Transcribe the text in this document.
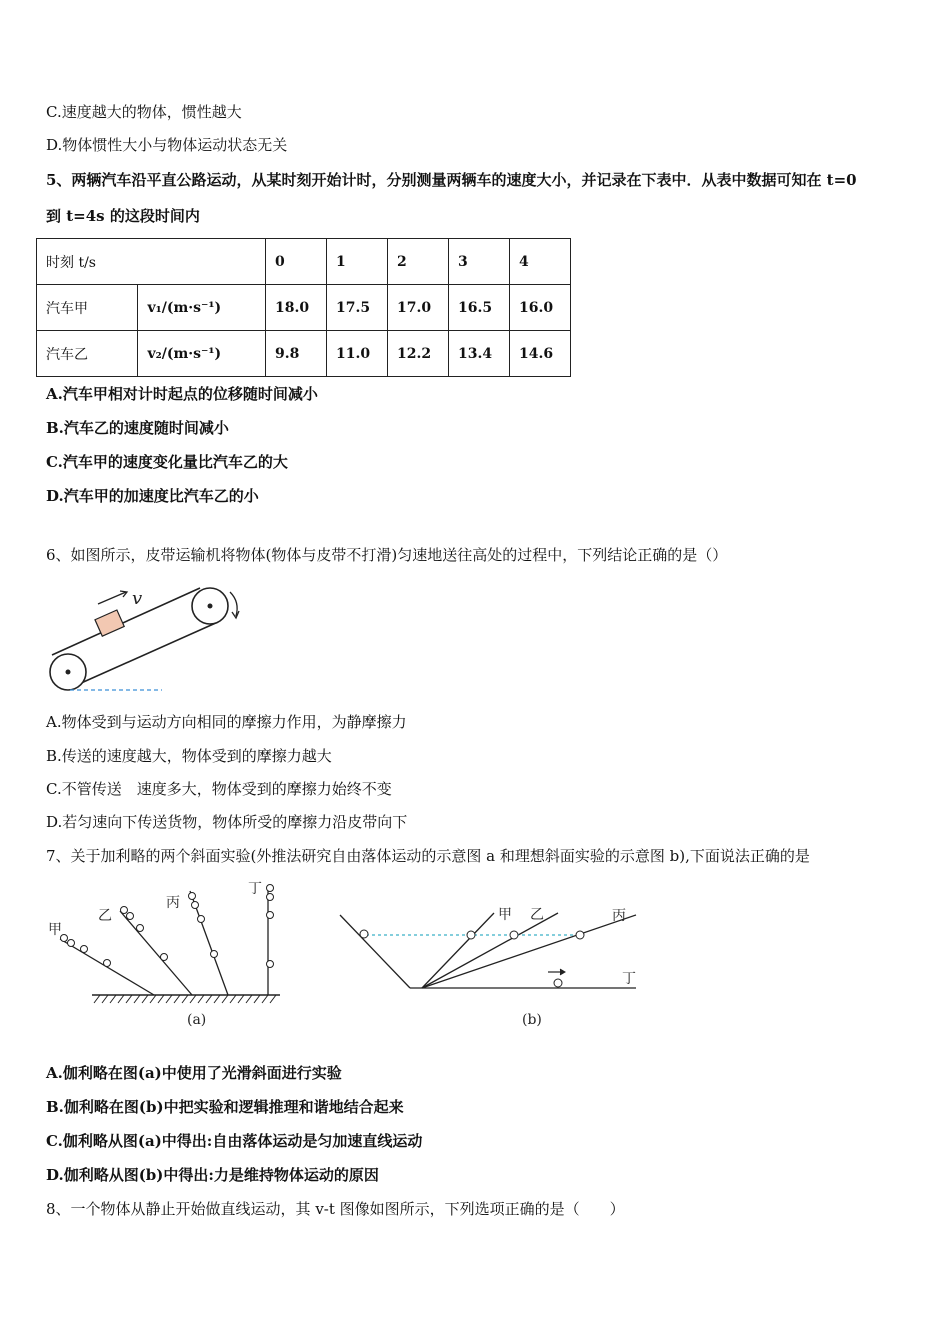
C.速度越大的物体，惯性越大
D.物体惯性大小与物体运动状态无关
5、两辆汽车沿平直公路运动，从某时刻开始计时，分别测量两辆车的速度大小，并记录在下表中．从表中数据可知在 t=0
到 t=4s 的这段时间内
时刻 t/s		0	1	2	3	4
汽车甲	v₁/(m·s⁻¹)	18.0	17.5	17.0	16.5	16.0
汽车乙	v₂/(m·s⁻¹)	9.8	11.0	12.2	13.4	14.6
A.汽车甲相对计时起点的位移随时间减小
B.汽车乙的速度随时间减小
C.汽车甲的速度变化量比汽车乙的大
D.汽车甲的加速度比汽车乙的小
6、如图所示，皮带运输机将物体(物体与皮带不打滑)匀速地送往高处的过程中，下列结论正确的是（）
v
A.物体受到与运动方向相同的摩擦力作用，为静摩擦力
B.传送的速度越大，物体受到的摩擦力越大
C.不管传送　速度多大，物体受到的摩擦力始终不变
D.若匀速向下传送货物，物体所受的摩擦力沿皮带向下
7、关于加利略的两个斜面实验(外推法研究自由落体运动的示意图 a 和理想斜面实验的示意图 b),下面说法正确的是
甲
乙
丙
丁
(a)
甲 乙	丙
丁
(b)
A.伽利略在图(a)中使用了光滑斜面进行实验
B.伽利略在图(b)中把实验和逻辑推理和谐地结合起来
C.伽利略从图(a)中得出:自由落体运动是匀加速直线运动
D.伽利略从图(b)中得出:力是维持物体运动的原因
8、一个物体从静止开始做直线运动，其 v-t 图像如图所示，下列选项正确的是（　　）
